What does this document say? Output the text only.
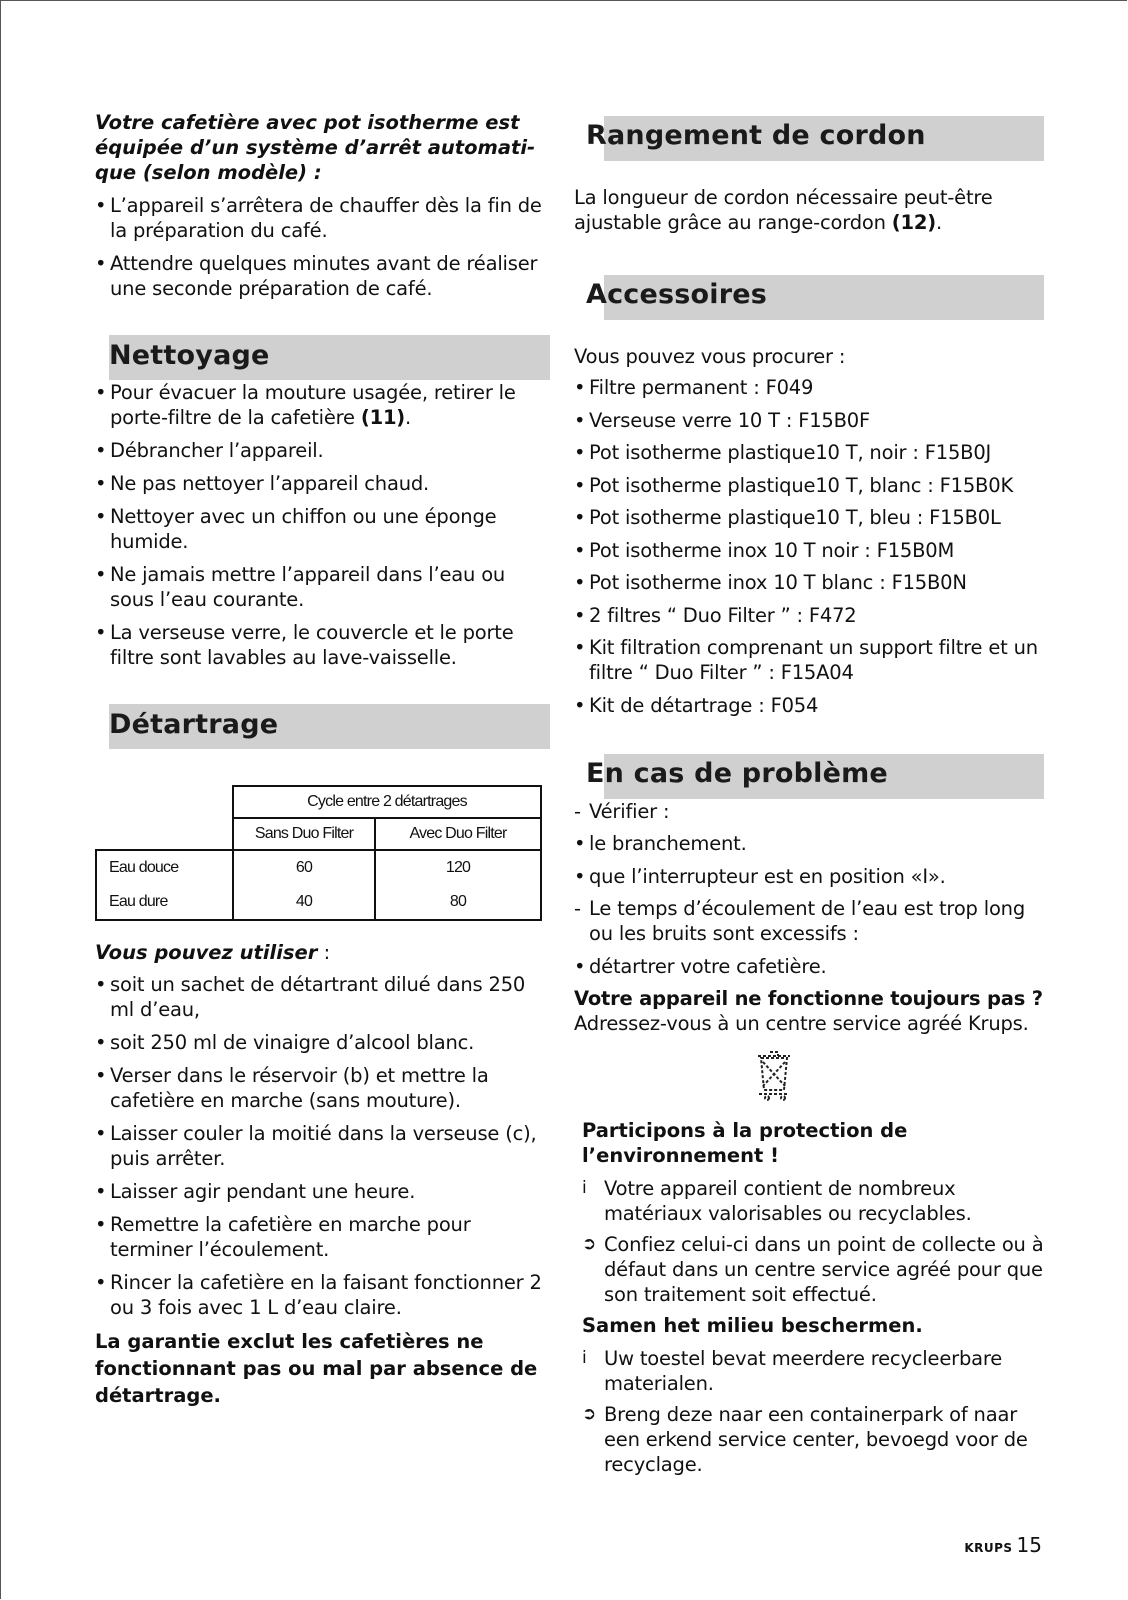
Votre cafetière avec pot isotherme est équipée d’un système d’arrêt automati-que (selon modèle) :

• L’appareil s’arrêtera de chauffer dès la fin de la préparation du café.
• Attendre quelques minutes avant de réaliser une seconde préparation de café.
Nettoyage
• Pour évacuer la mouture usagée, retirer le porte-filtre de la cafetière (11).
• Débrancher l’appareil.
• Ne pas nettoyer l’appareil chaud.
• Nettoyer avec un chiffon ou une éponge humide.
• Ne jamais mettre l’appareil dans l’eau ou sous l’eau courante.
• La verseuse verre, le couvercle et le porte filtre sont lavables au lave-vaisselle.
Détartrage
	Cycle entre 2 détartrages	
	Sans Duo Filter	Avec Duo Filter
Eau douce	60	120
Eau dure	40	80

Vous pouvez utiliser :

• soit un sachet de détartrant dilué dans 250 ml d’eau,
• soit 250 ml de vinaigre d’alcool blanc.
• Verser dans le réservoir (b) et mettre la cafetière en marche (sans mouture).
• Laisser couler la moitié dans la verseuse (c), puis arrêter.
• Laisser agir pendant une heure.
• Remettre la cafetière en marche pour terminer l’écoulement.
• Rincer la cafetière en la faisant fonctionner 2 ou 3 fois avec 1 L d’eau claire.

La garantie exclut les cafetières ne fonctionnant pas ou mal par absence de détartrage.

Rangement de cordon

La longueur de cordon nécessaire peut-être ajustable grâce au range-cordon (12).

Accessoires

Vous pouvez vous procurer :

• Filtre permanent : F049
• Verseuse verre 10 T : F15B0F
• Pot isotherme plastique10 T, noir : F15B0J
• Pot isotherme plastique10 T, blanc : F15B0K
• Pot isotherme plastique10 T, bleu : F15B0L
• Pot isotherme inox 10 T noir : F15B0M
• Pot isotherme inox 10 T blanc : F15B0N
• 2 filtres “ Duo Filter ” : F472
• Kit filtration comprenant un support filtre et un filtre “ Duo Filter ” : F15A04
• Kit de détartrage : F054
En cas de problème
- Vérifier :
• le branchement.
• que l’interrupteur est en position «I».
- Le temps d’écoulement de l’eau est trop long ou les bruits sont excessifs :
• détartrer votre cafetière.

Votre appareil ne fonctionne toujours pas ? Adressez-vous à un centre service agréé Krups.

Participons à la protection de l’environnement !

i Votre appareil contient de nombreux matériaux valorisables ou recyclables.
➲ Confiez celui-ci dans un point de collecte ou à défaut dans un centre service agréé pour que son traitement soit effectué.

Samen het milieu beschermen.

i Uw toestel bevat meerdere recycleerbare materialen.
➲ Breng deze naar een containerpark of naar een erkend service center, bevoegd voor de recyclage.
KRUPS 15
